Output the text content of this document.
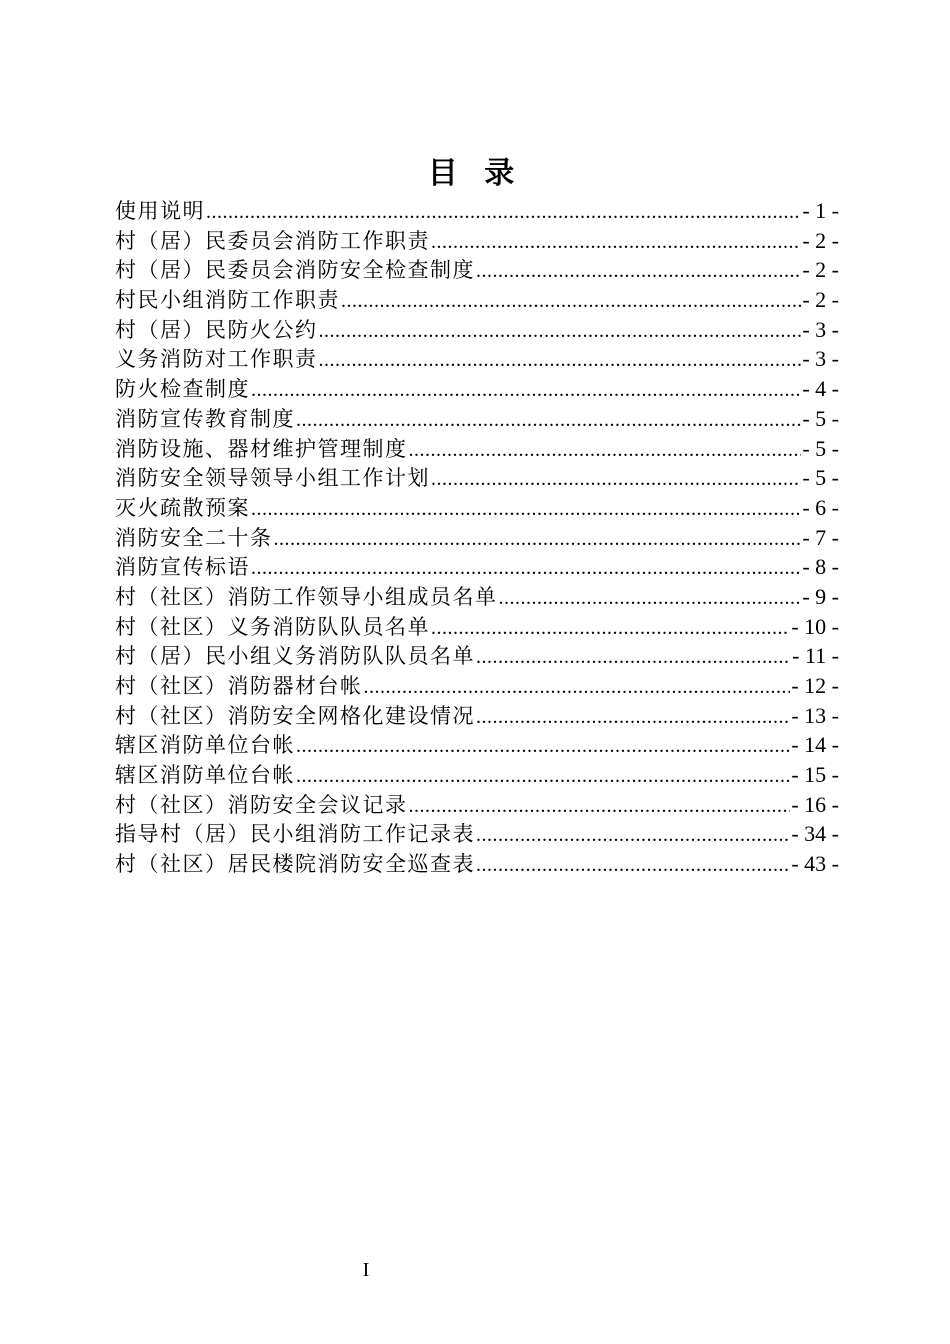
目 录
使用说明 .....	- 1 -
村（居）民委员会消防工作职责 .....	- 2 -
村（居）民委员会消防安全检查制度 .....	- 2 -
村民小组消防工作职责 .....	- 2 -
村（居）民防火公约 .....	- 3 -
义务消防对工作职责 .....	- 3 -
防火检查制度 .....	- 4 -
消防宣传教育制度 .....	- 5 -
消防设施、器材维护管理制度 .....	- 5 -
消防安全领导领导小组工作计划 .....	- 5 -
灭火疏散预案 .....	- 6 -
消防安全二十条 .....	- 7 -
消防宣传标语 .....	- 8 -
村（社区）消防工作领导小组成员名单 .....	- 9 -
村（社区）义务消防队队员名单 .....	- 10 -
村（居）民小组义务消防队队员名单 .....	- 11 -
村（社区）消防器材台帐 .....	- 12 -
村（社区）消防安全网格化建设情况 .....	- 13 -
辖区消防单位台帐 .....	- 14 -
辖区消防单位台帐 .....	- 15 -
村（社区）消防安全会议记录 .....	- 16 -
指导村（居）民小组消防工作记录表 .....	- 34 -
村（社区）居民楼院消防安全巡查表 .....	- 43 -
I
